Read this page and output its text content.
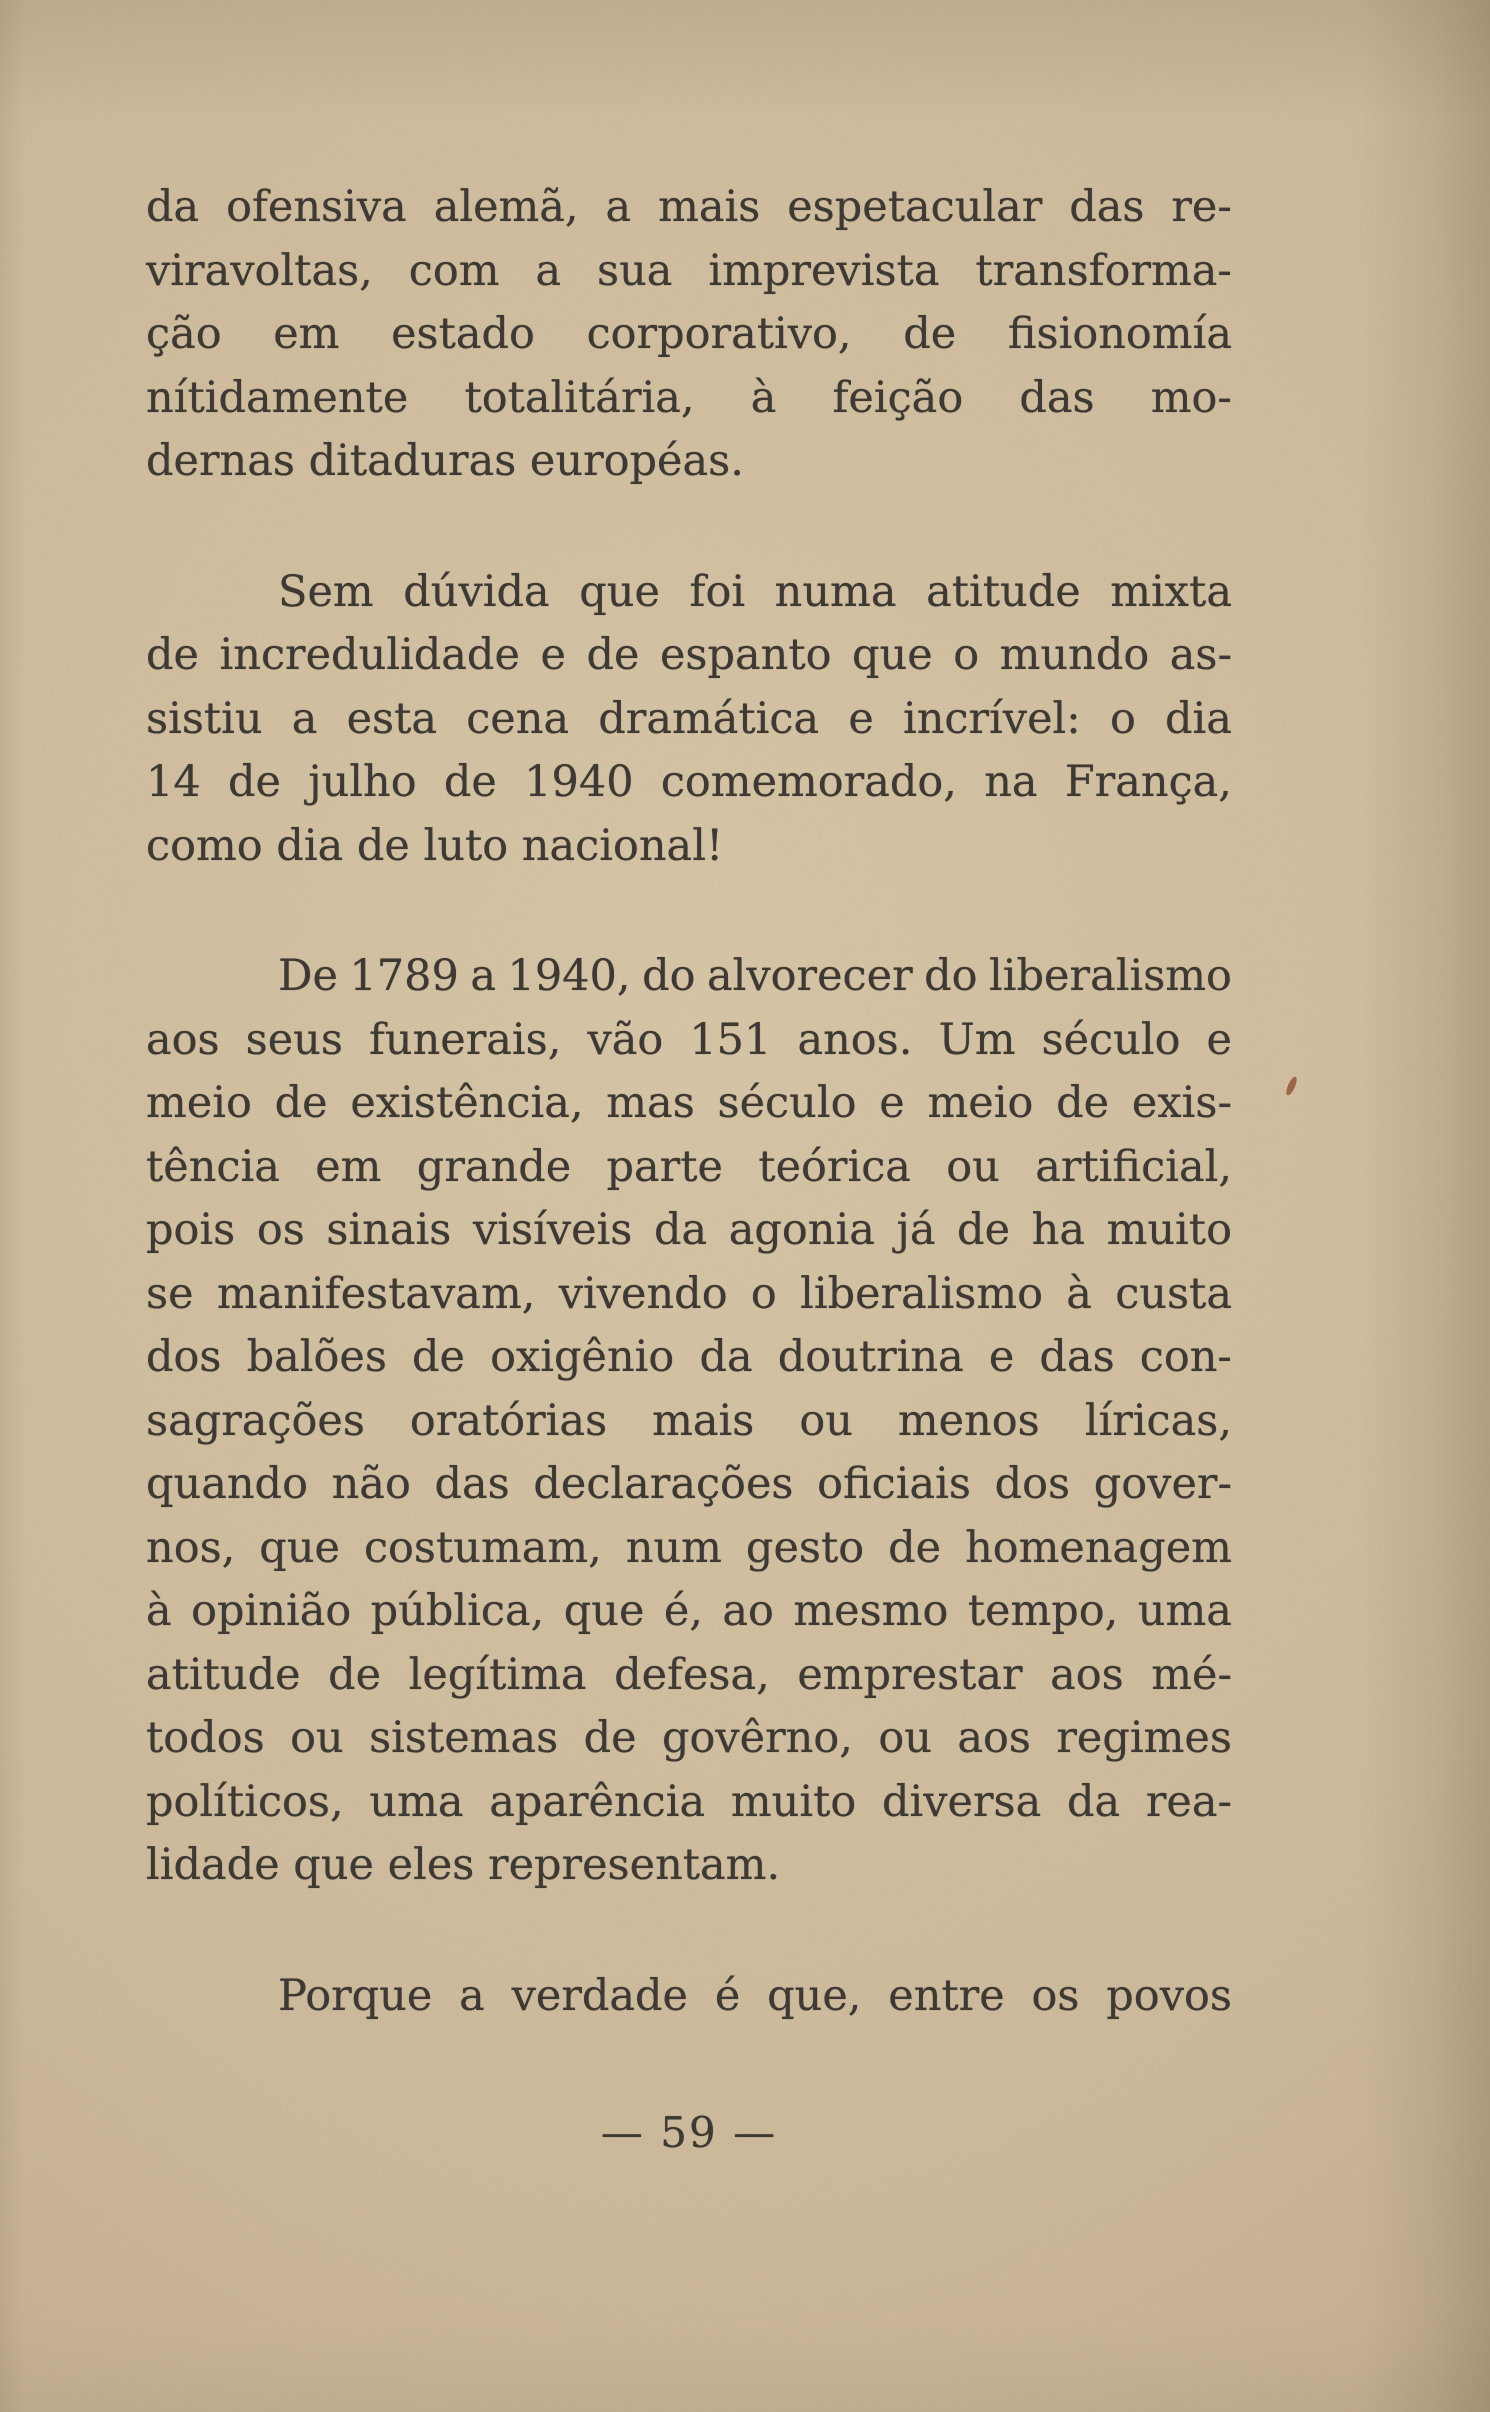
da ofensiva alemã, a mais espetacular das re-
viravoltas, com a sua imprevista transforma-
ção em estado corporativo, de fisionomía
nítidamente totalitária, à feição das mo-
dernas ditaduras européas.
Sem dúvida que foi numa atitude mixta
de incredulidade e de espanto que o mundo as-
sistiu a esta cena dramática e incrível: o dia
14 de julho de 1940 comemorado, na França,
como dia de luto nacional!
De 1789 a 1940, do alvorecer do liberalismo
aos seus funerais, vão 151 anos. Um século e
meio de existência, mas século e meio de exis-
tência em grande parte teórica ou artificial,
pois os sinais visíveis da agonia já de ha muito
se manifestavam, vivendo o liberalismo à custa
dos balões de oxigênio da doutrina e das con-
sagrações oratórias mais ou menos líricas,
quando não das declarações oficiais dos gover-
nos, que costumam, num gesto de homenagem
à opinião pública, que é, ao mesmo tempo, uma
atitude de legítima defesa, emprestar aos mé-
todos ou sistemas de govêrno, ou aos regimes
políticos, uma aparência muito diversa da rea-
lidade que eles representam.
Porque a verdade é que, entre os povos
— 59 —
